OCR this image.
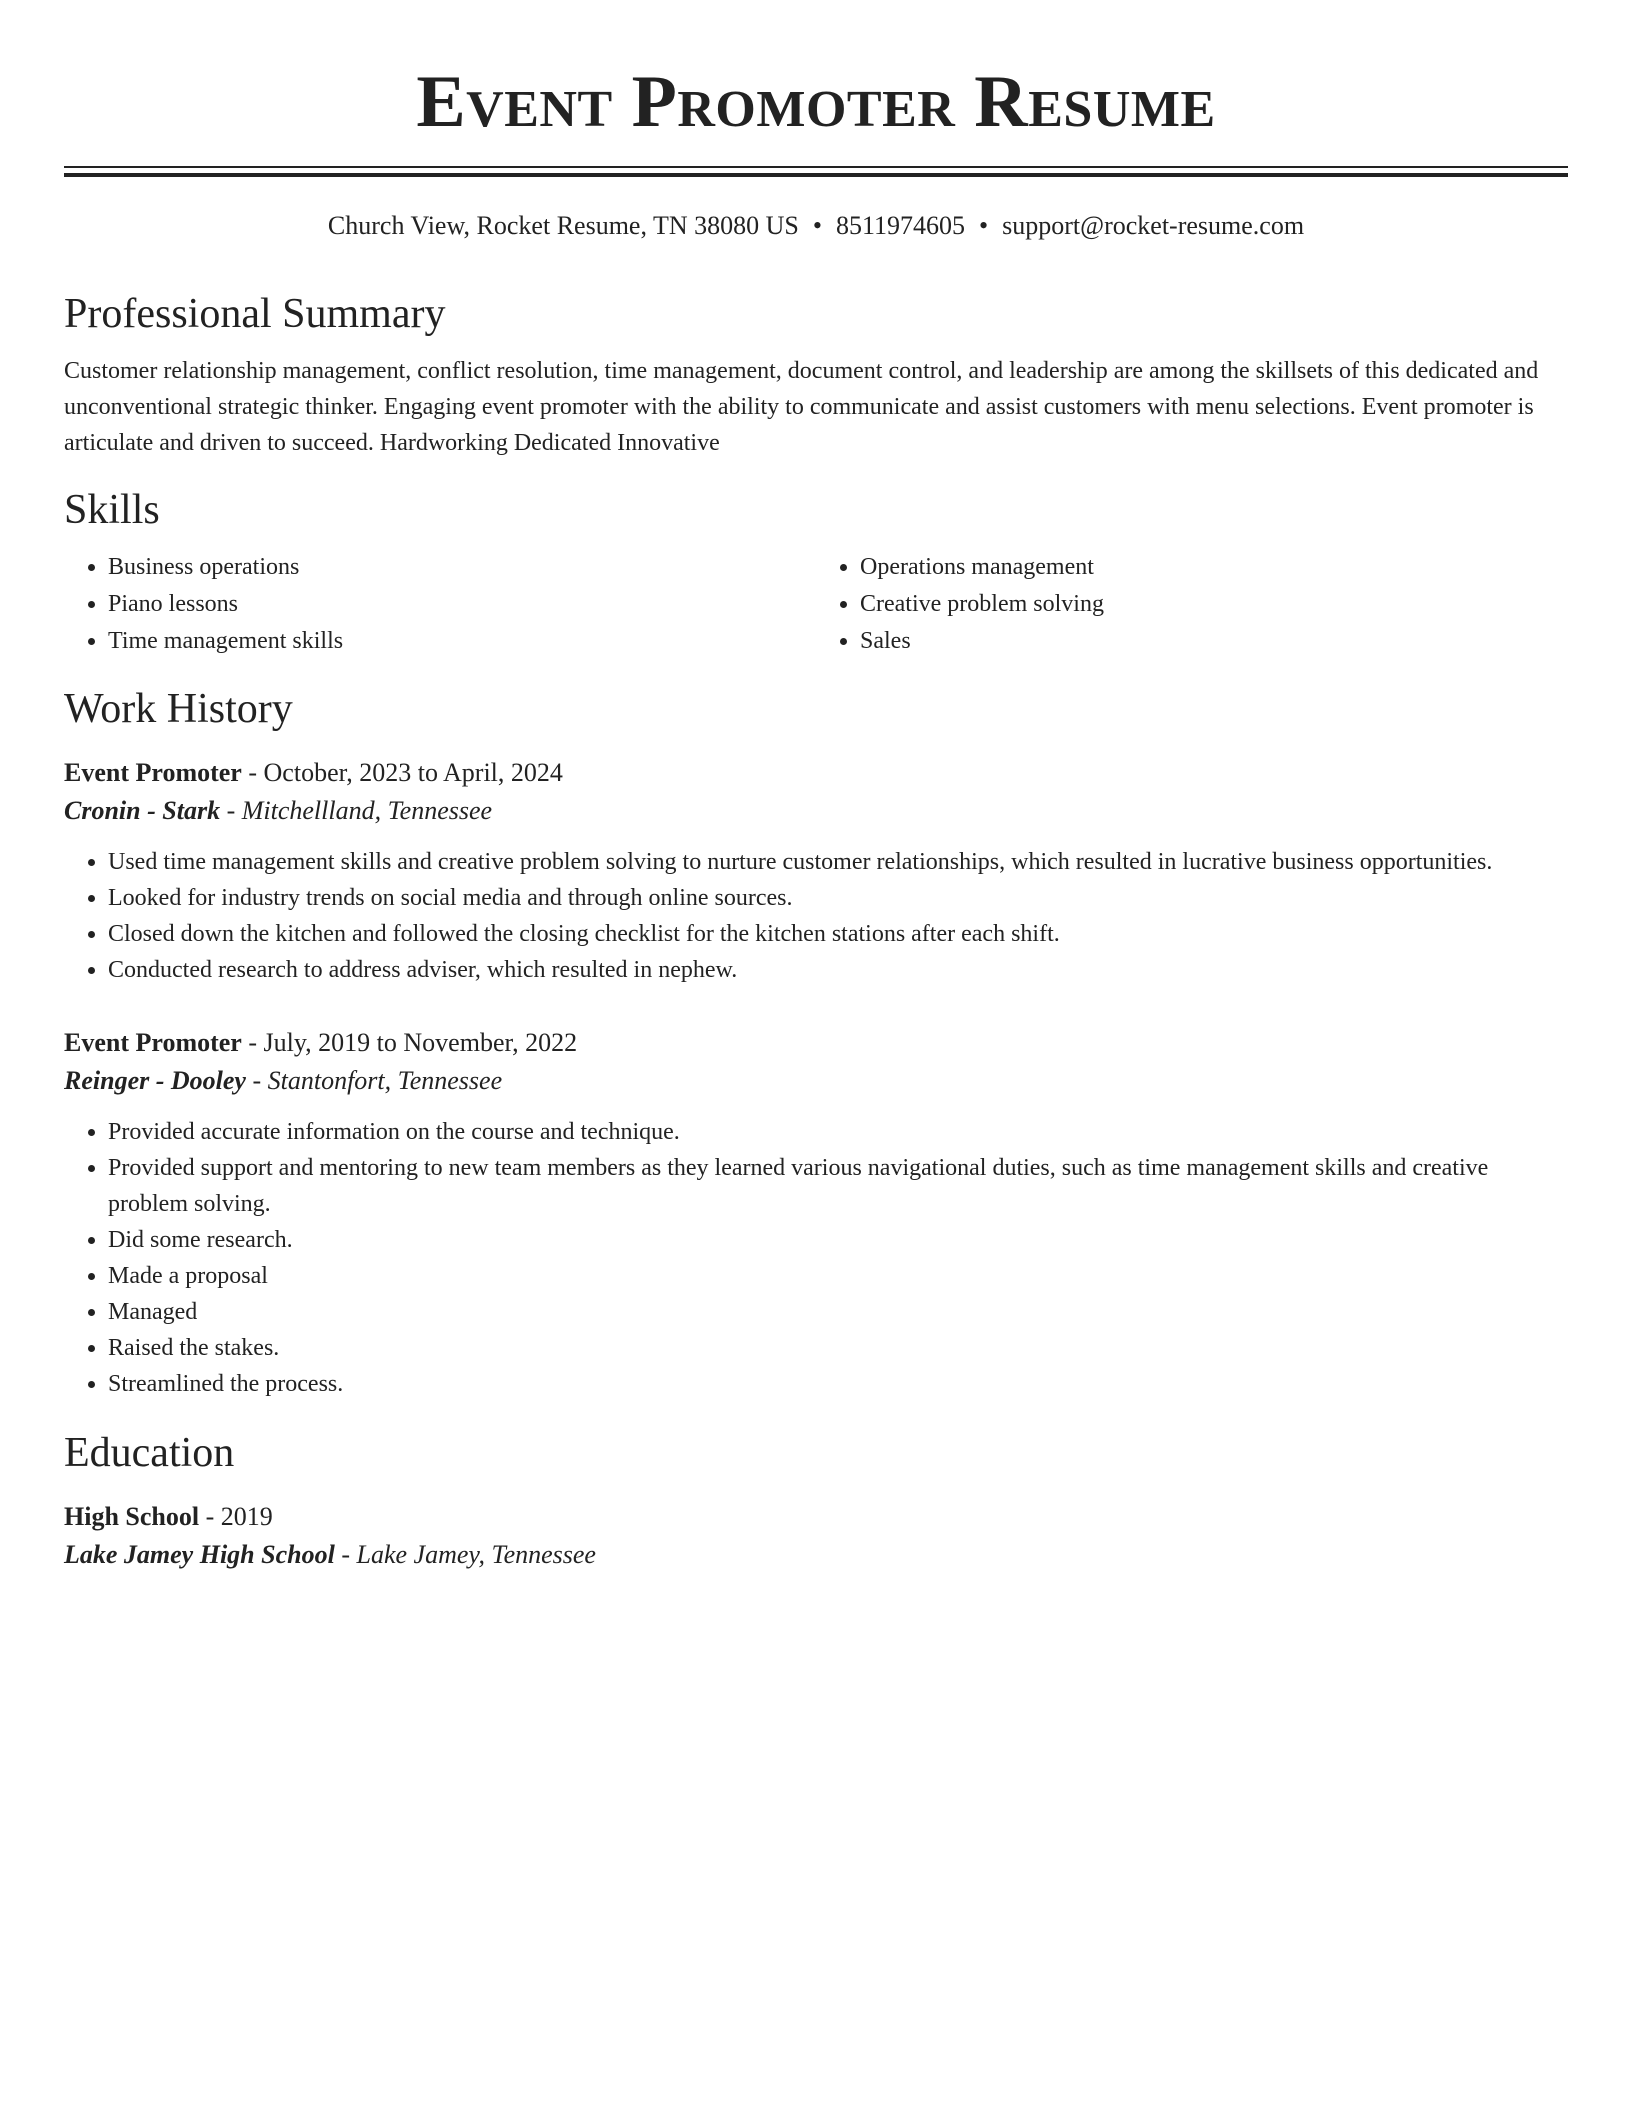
Event Promoter Resume
Church View, Rocket Resume, TN 38080 US • 8511974605 • support@rocket-resume.com
Professional Summary

Customer relationship management, conflict resolution, time management, document control, and leadership are among the skillsets of this dedicated and unconventional strategic thinker. Engaging event promoter with the ability to communicate and assist customers with menu selections. Event promoter is articulate and driven to succeed. Hardworking Dedicated Innovative

Skills
• Business operations
• Piano lessons
• Time management skills
• Operations management
• Creative problem solving
• Sales
Work History
Event Promoter - October, 2023 to April, 2024
Cronin - Stark - Mitchellland, Tennessee
• Used time management skills and creative problem solving to nurture customer relationships, which resulted in lucrative business opportunities.
• Looked for industry trends on social media and through online sources.
• Closed down the kitchen and followed the closing checklist for the kitchen stations after each shift.
• Conducted research to address adviser, which resulted in nephew.
Event Promoter - July, 2019 to November, 2022
Reinger - Dooley - Stantonfort, Tennessee
• Provided accurate information on the course and technique.
• Provided support and mentoring to new team members as they learned various navigational duties, such as time management skills and creative problem solving.
• Did some research.
• Made a proposal
• Managed
• Raised the stakes.
• Streamlined the process.
Education
High School - 2019
Lake Jamey High School - Lake Jamey, Tennessee
